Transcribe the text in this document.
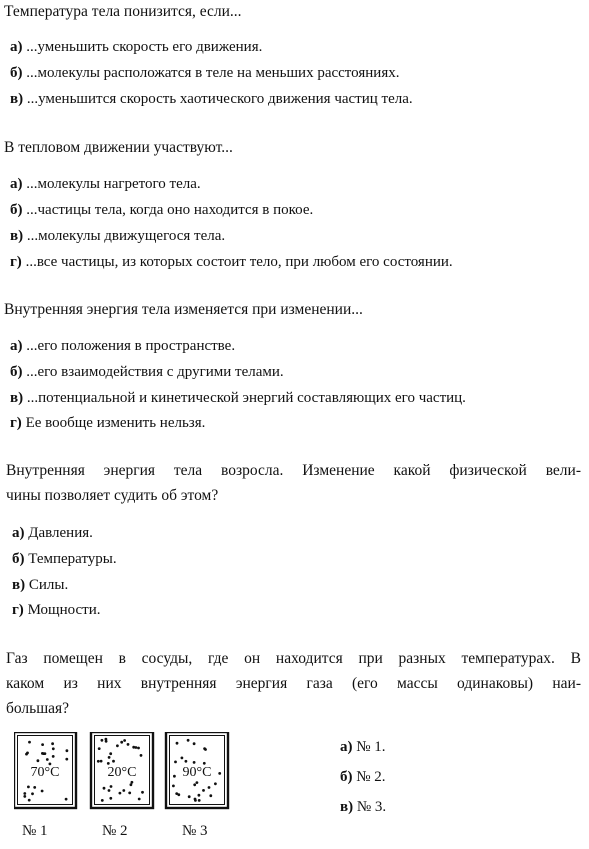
Температура тела понизится, если...
а) ...уменьшить скорость его движения.
б) ...молекулы расположатся в теле на меньших расстояниях.
в) ...уменьшится скорость хаотического движения частиц тела.
В тепловом движении участвуют...
а) ...молекулы нагретого тела.
б) ...частицы тела, когда оно находится в покое.
в) ...молекулы движущегося тела.
г) ...все частицы, из которых состоит тело, при любом его состоянии.
Внутренняя энергия тела изменяется при изменении...
а) ...его положения в пространстве.
б) ...его взаимодействия с другими телами.
в) ...потенциальной и кинетической энергий составляющих его частиц.
г) Ее вообще изменить нельзя.
Внутренняя энергия тела возросла. Изменение какой физической вели-
чины позволяет судить об этом?
а) Давления.
б) Температуры.
в) Силы.
г) Мощности.
Газ помещен в сосуды, где он находится при разных температурах. В
каком из них внутренняя энергия газа (его массы одинаковы) наи-
большая?
70°С	20°С	90°С
№ 1	№ 2	№ 3
а) № 1.
б) № 2.
в) № 3.
